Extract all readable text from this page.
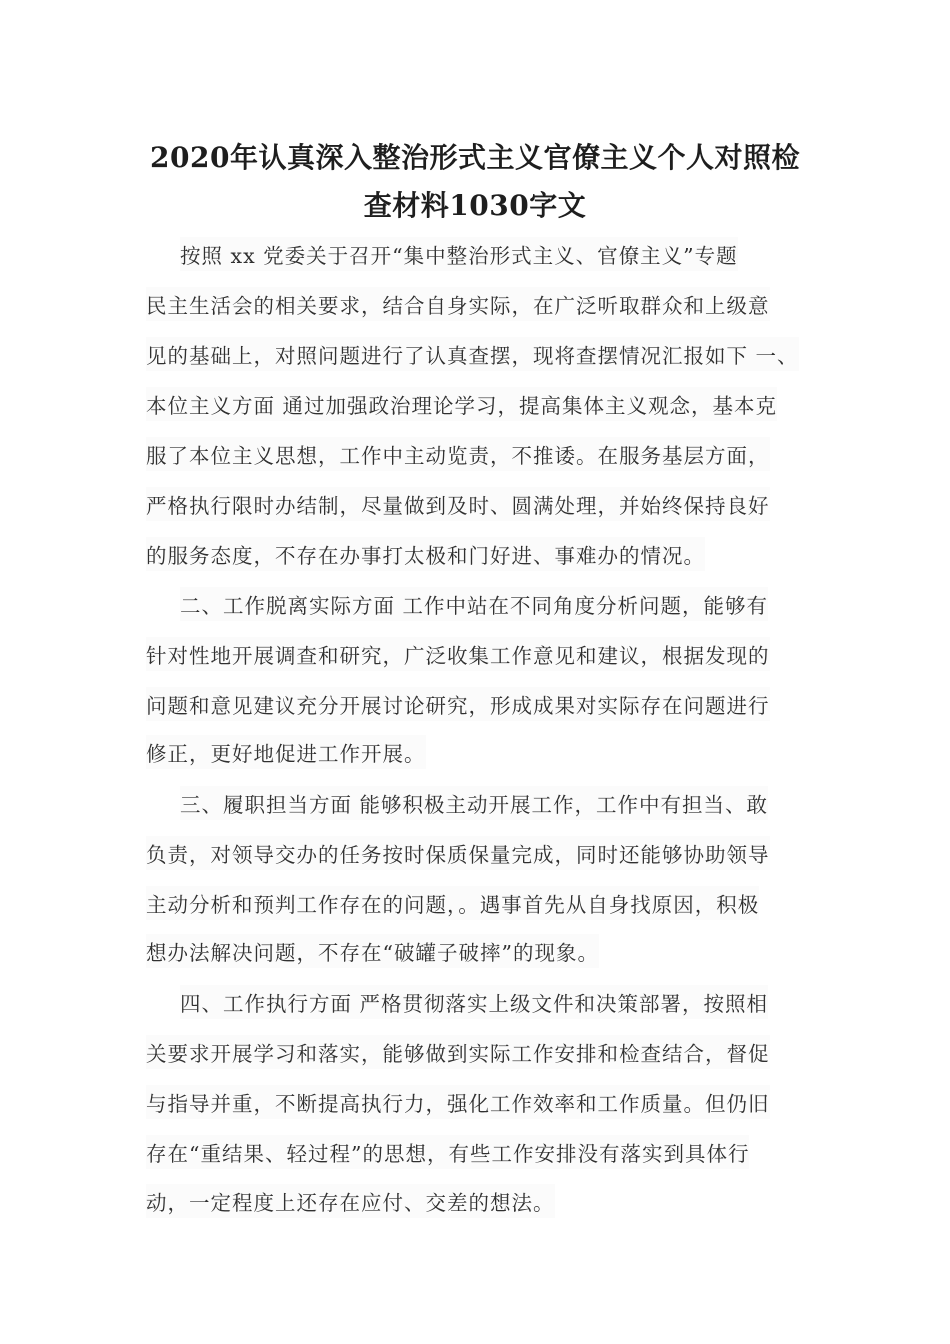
2020年认真深入整治形式主义官僚主义个人对照检
查材料1030字文
按照 xx 党委关于召开“集中整治形式主义、官僚主义”专题
民主生活会的相关要求，结合自身实际，在广泛听取群众和上级意
见的基础上，对照问题进行了认真查摆，现将查摆情况汇报如下 一、
本位主义方面 通过加强政治理论学习，提高集体主义观念，基本克
服了本位主义思想，工作中主动览责，不推诿。在服务基层方面，
严格执行限时办结制，尽量做到及时、圆满处理，并始终保持良好
的服务态度，不存在办事打太极和门好进、事难办的情况。
二、工作脱离实际方面 工作中站在不同角度分析问题，能够有
针对性地开展调查和研究，广泛收集工作意见和建议，根据发现的
问题和意见建议充分开展讨论研究，形成成果对实际存在问题进行
修正，更好地促进工作开展。
三、履职担当方面 能够积极主动开展工作，工作中有担当、敢
负责，对领导交办的任务按时保质保量完成，同时还能够协助领导
主动分析和预判工作存在的问题，。遇事首先从自身找原因，积极
想办法解决问题，不存在“破罐子破摔”的现象。
四、工作执行方面 严格贯彻落实上级文件和决策部署，按照相
关要求开展学习和落实，能够做到实际工作安排和检查结合，督促
与指导并重，不断提高执行力，强化工作效率和工作质量。但仍旧
存在“重结果、轻过程”的思想，有些工作安排没有落实到具体行
动，一定程度上还存在应付、交差的想法。
